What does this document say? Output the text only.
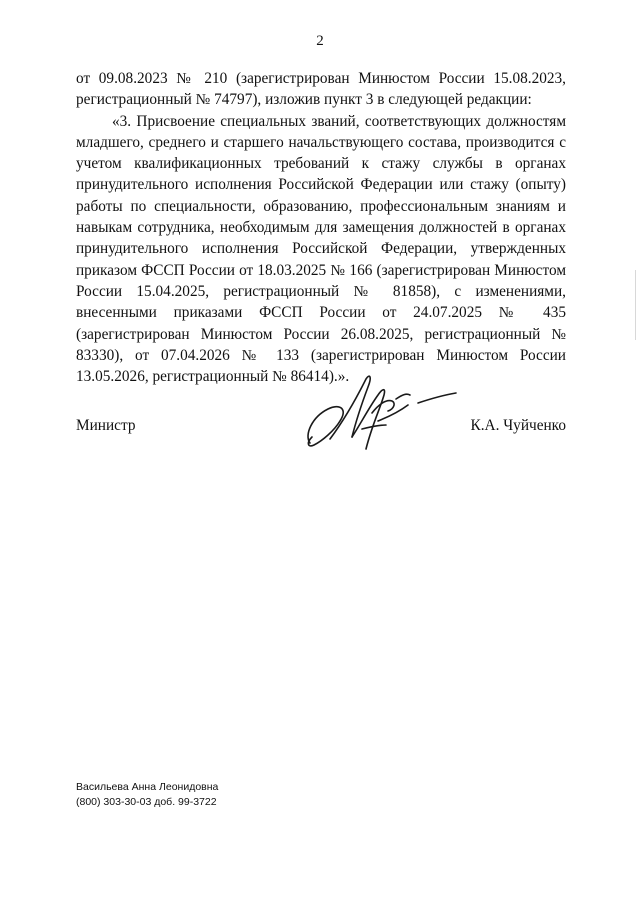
2

от 09.08.2023 № 210 (зарегистрирован Минюстом России 15.08.2023, регистрационный № 74797), изложив пункт 3 в следующей редакции:

«3. Присвоение специальных званий, соответствующих должностям младшего, среднего и старшего начальствующего состава, производится с учетом квалификационных требований к стажу службы в органах принудительного исполнения Российской Федерации или стажу (опыту) работы по специальности, образованию, профессиональным знаниям и навыкам сотрудника, необходимым для замещения должностей в органах принудительного исполнения Российской Федерации, утвержденных приказом ФССП России от 18.03.2025 № 166 (зарегистрирован Минюстом России 15.04.2025, регистрационный № 81858), с изменениями, внесенными приказами ФССП России от 24.07.2025 № 435 (зарегистрирован Минюстом России 26.08.2025, регистрационный № 83330), от 07.04.2026 № 133 (зарегистрирован Минюстом России 13.05.2026, регистрационный № 86414).».

Министр	К.А. Чуйченко
Васильева Анна Леонидовна
(800) 303-30-03 доб. 99-3722
